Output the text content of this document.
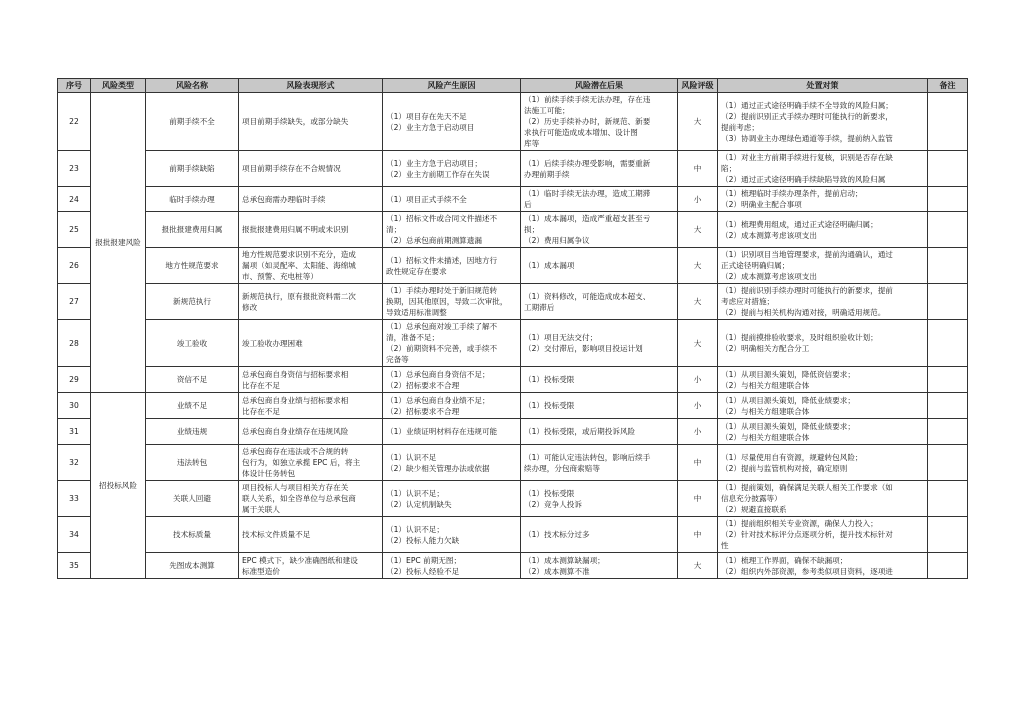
序号	风险类型	风险名称	风险表现形式	风险产生原因	风险潜在后果	风险评级	处置对策	备注
22	报批报建风险	前期手续不全	项目前期手续缺失，或部分缺失	（1）项目存在先天不足
（2）业主方急于启动项目	（1）前续手续手续无法办理，存在违
法施工可能；
（2）历史手续补办时，新规范、新要
求执行可能造成成本增加、设计图
库等	大	（1）通过正式途径明确手续不全导致的风险归属；
（2）提前识别正式手续办理时可能执行的新要求，
提前考虑；
（3）协调业主办理绿色通道等手续，提前纳入监管	

23		前期手续缺陷	项目前期手续存在不合规情况	（1）业主方急于启动项目；
（2）业主方前期工作存在失误	（1）后续手续办理受影响，需要重新
办理前期手续	中	（1）对业主方前期手续进行复核，识别是否存在缺
陷；
（2）通过正式途径明确手续缺陷导致的风险归属	

24		临时手续办理	总承包商需办理临时手续	（1）项目正式手续不全	（1）临时手续无法办理，造成工期滞
后	小	（1）梳理临时手续办理条件，提前启动；
（2）明确业主配合事项	

25		报批报建费用归属	报批报建费用归属不明或未识别	（1）招标文件或合同文件描述不
清；
（2）总承包商前期测算遗漏	（1）成本漏项，造成严重超支甚至亏
损；
（2）费用归属争议	大	（1）梳理费用组成，通过正式途径明确归属；
（2）成本测算考虑该项支出	

26		地方性规范要求	地方性规范要求识别不充分，造成
漏项（如灵配率、太阳能、海绵城
市、预警、充电桩等）	（1）招标文件未描述，因地方行
政性规定存在要求	（1）成本漏项	大	（1）识别项目当地管理要求，提前沟通确认，通过
正式途径明确归属；
（2）成本测算考虑该项支出	

27		新规范执行	新规范执行，原有报批资料需二次
修改	（1）手续办理时处于新旧规范转
换期，因其他原因，导致二次审批，
导致适用标准调整	（1）资料修改，可能造成成本超支、
工期滞后	大	（1）提前识别手续办理时可能执行的新要求，提前
考虑应对措施；
（2）提前与相关机构沟通对接，明确适用规范。	

28		竣工验收	竣工验收办理困难	（1）总承包商对竣工手续了解不
清，准备不足；
（2）前期资料不完善，或手续不
完备等	（1）项目无法交付；
（2）交付滞后，影响项目投运计划	大	（1）提前摸排验收要求，及时组织验收计划；
（2）明确相关方配合分工	

29		资信不足	总承包商自身资信与招标要求相
比存在不足	（1）总承包商自身资信不足；
（2）招标要求不合理	（1）投标受限	小	（1）从项目源头策划，降低资信要求；
（2）与相关方组建联合体	

30	招投标风险	业绩不足	总承包商自身业绩与招标要求相
比存在不足	（1）总承包商自身业绩不足；
（2）招标要求不合理	（1）投标受限	小	（1）从项目源头策划，降低业绩要求；
（2）与相关方组建联合体	

31		业绩违规	总承包商自身业绩存在违规风险	（1）业绩证明材料存在违规可能	（1）投标受限，或后期投诉风险	小	（1）从项目源头策划，降低业绩要求；
（2）与相关方组建联合体	

32		违法转包	总承包商存在违法或不合规的转
包行为，如独立承揽 EPC 后，将主
体设计任务转包	（1）认识不足
（2）缺少相关管理办法或依据	（1）可能认定违法转包，影响后续手
续办理，分包商索赔等	中	（1）尽量使用自有资源，规避转包风险；
（2）提前与监管机构对接，确定原则	

33		关联人回避	项目投标人与项目相关方存在关
联人关系，如全咨单位与总承包商
属于关联人	（1）认识不足；
（2）认定机制缺失	（1）投标受限
（2）竞争人投诉	中	（1）提前策划，确保满足关联人相关工作要求（如
信息充分披露等）
（2）规避直接联系	

34		技术标质量	技术标文件质量不足	（1）认识不足；
（2）投标人能力欠缺	（1）技术标分过多	中	（1）提前组织相关专业资源，确保人力投入；
（2）针对技术标评分点逐项分析，提升技术标针对
性	

35		先图成本测算	EPC 模式下，缺少准确图纸和建设
标准型造价	（1）EPC 前期无图；
（2）投标人经验不足	（1）成本测算缺漏项；
（2）成本测算不准	大	（1）梳理工作界面，确保不缺漏项；
（2）组织内外部资源，参考类似项目资料，逐项进	
